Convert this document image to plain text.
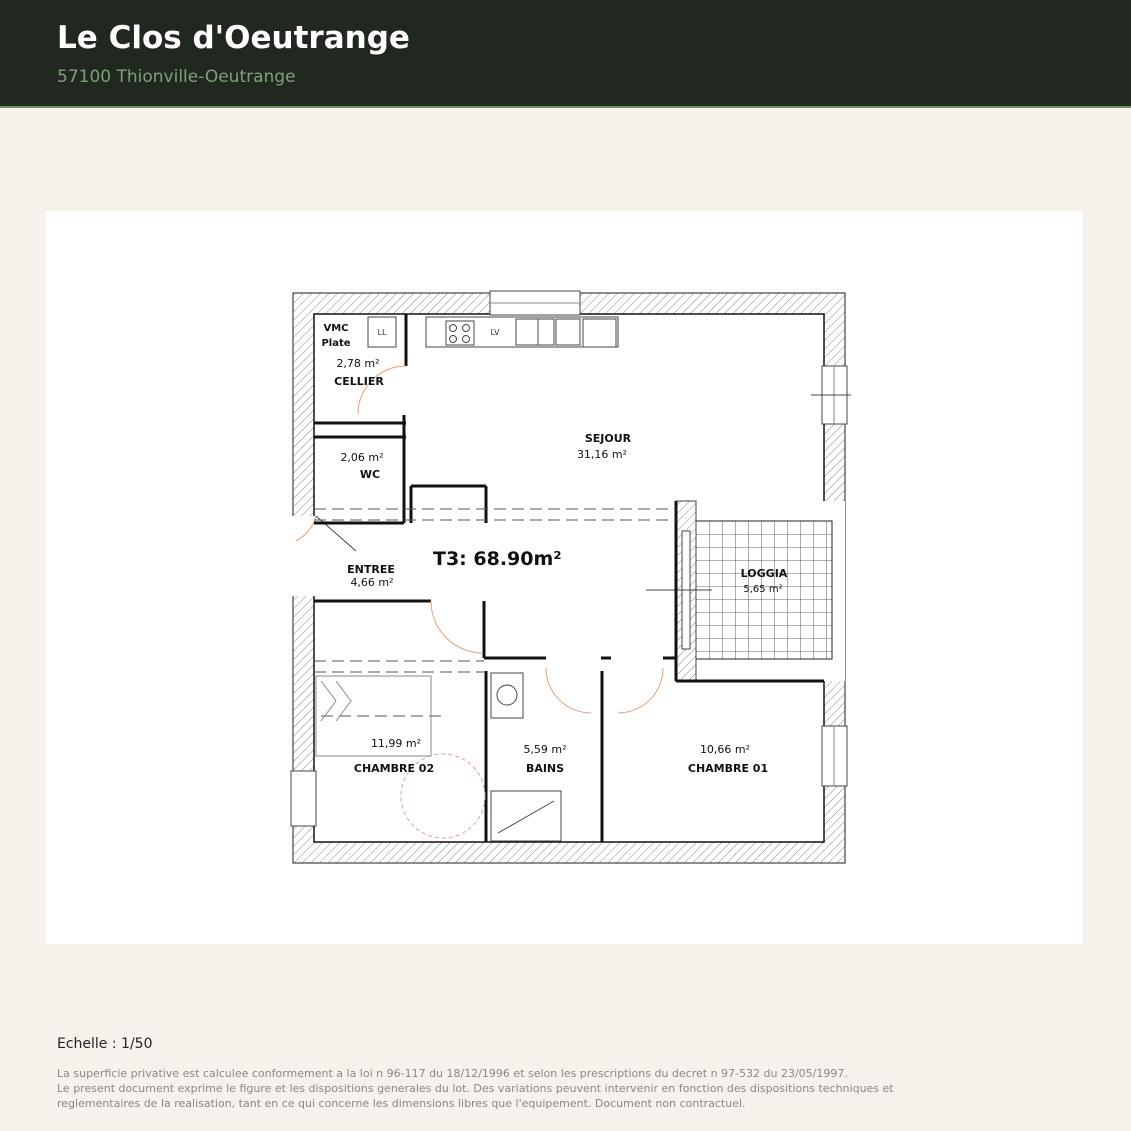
Le Clos d'Oeutrange
57100 Thionville-Oeutrange
LL	LV
VMC
Plate
2,78 m²
CELLIER
2,06 m²
WC
SEJOUR
31,16 m²
T3: 68.90m²
ENTREE
4,66 m²
LOGGIA
5,65 m²
11,99 m²
CHAMBRE 02
5,59 m²
BAINS
10,66 m²
CHAMBRE 01
Echelle : 1/50
La superficie privative est calculee conformement a la loi n 96-117 du 18/12/1996 et selon les prescriptions du decret n 97-532 du 23/05/1997.
Le present document exprime le figure et les dispositions generales du lot. Des variations peuvent intervenir en fonction des dispositions techniques et
reglementaires de la realisation, tant en ce qui concerne les dimensions libres que l'equipement. Document non contractuel.
